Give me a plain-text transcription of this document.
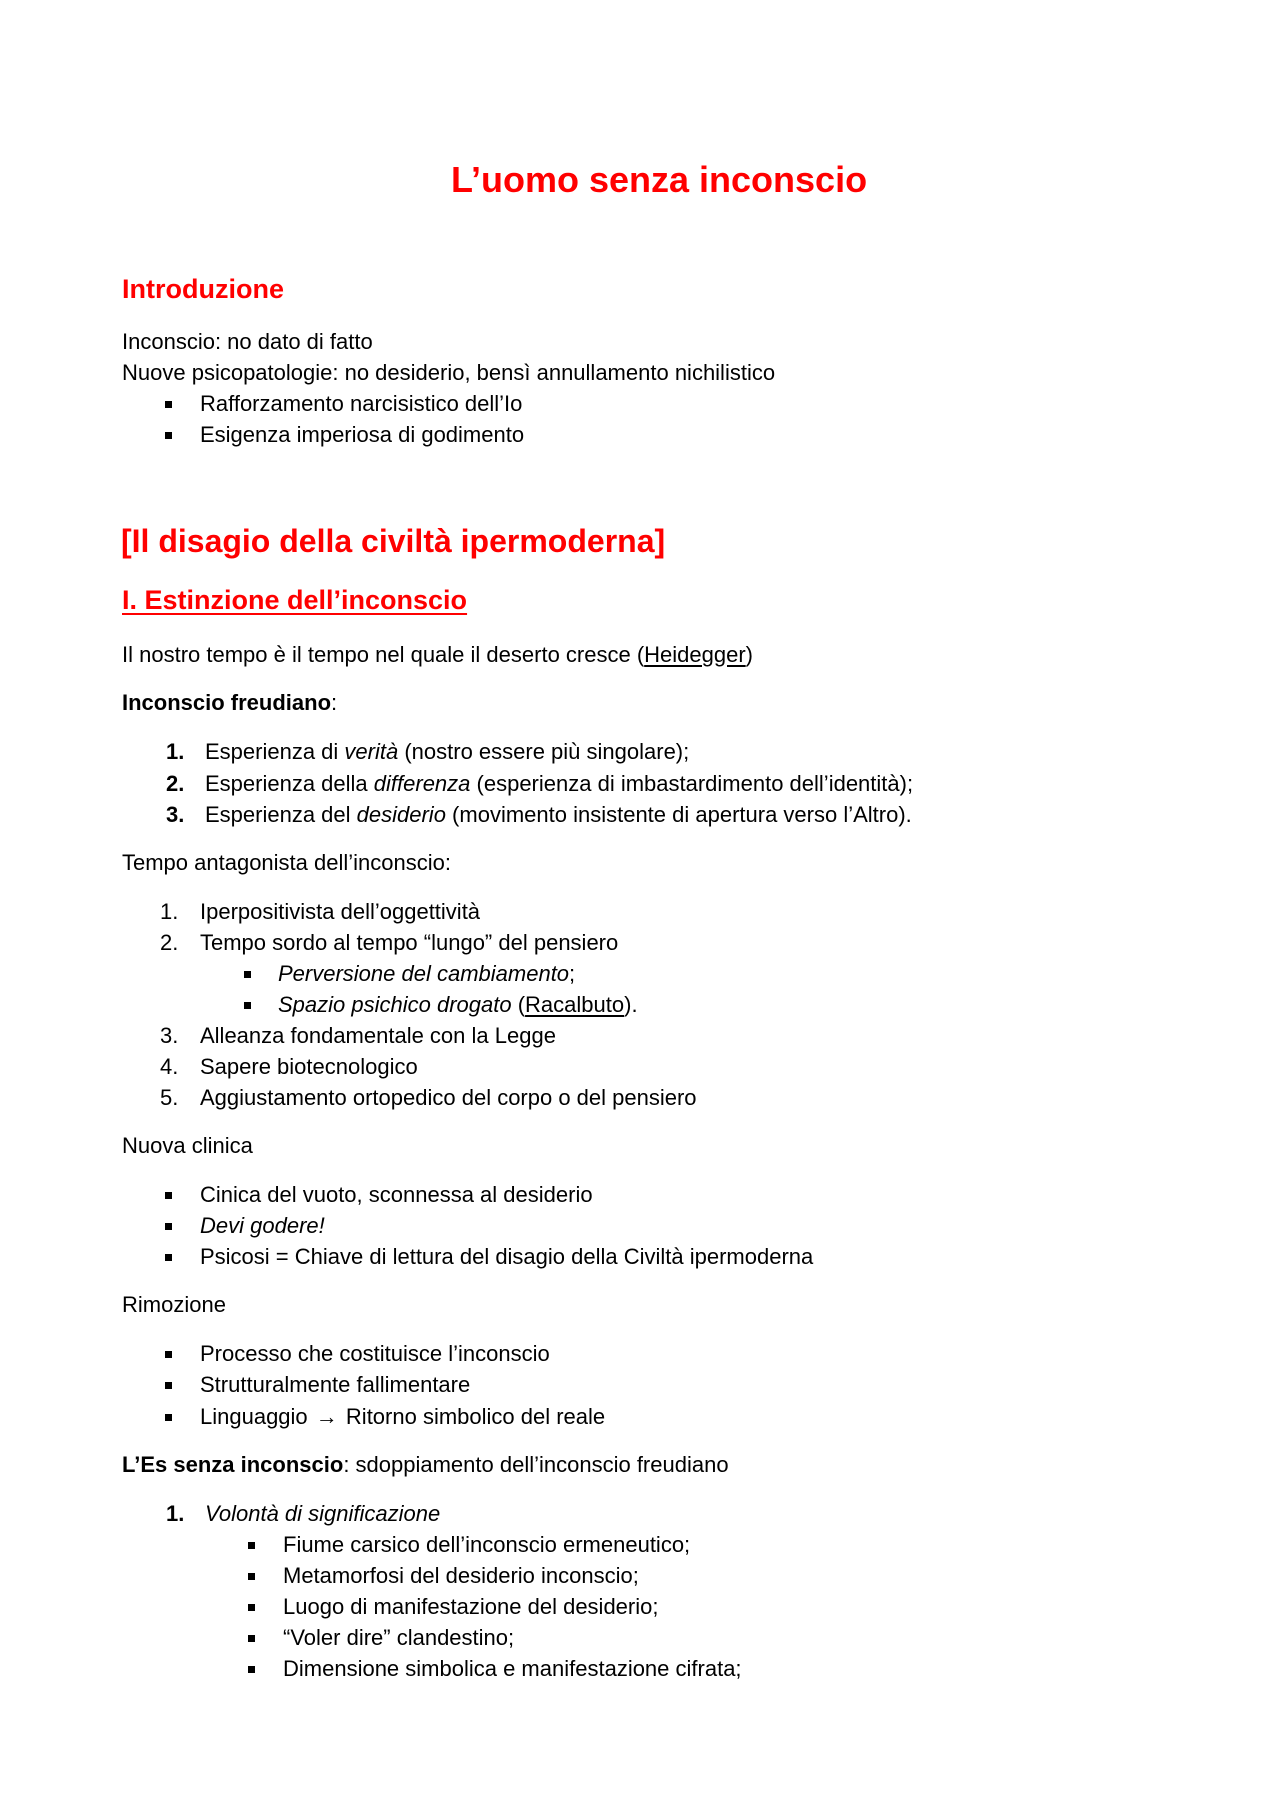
L’uomo senza inconscio
Introduzione
Inconscio: no dato di fatto
Nuove psicopatologie: no desiderio, bensì annullamento nichilistico
Rafforzamento narcisistico dell’Io
Esigenza imperiosa di godimento
[Il disagio della civiltà ipermoderna]
I. Estinzione dell’inconscio
Il nostro tempo è il tempo nel quale il deserto cresce (Heidegger)
Inconscio freudiano:
1. Esperienza di verità (nostro essere più singolare);
2. Esperienza della differenza (esperienza di imbastardimento dell’identità);
3. Esperienza del desiderio (movimento insistente di apertura verso l’Altro).
Tempo antagonista dell’inconscio:
1. Iperpositivista dell’oggettività
2. Tempo sordo al tempo “lungo” del pensiero
Perversione del cambiamento;
Spazio psichico drogato (Racalbuto).
3. Alleanza fondamentale con la Legge
4. Sapere biotecnologico
5. Aggiustamento ortopedico del corpo o del pensiero
Nuova clinica
Cinica del vuoto, sconnessa al desiderio
Devi godere!
Psicosi = Chiave di lettura del disagio della Civiltà ipermoderna
Rimozione
Processo che costituisce l’inconscio
Strutturalmente fallimentare
Linguaggio → Ritorno simbolico del reale
L’Es senza inconscio: sdoppiamento dell’inconscio freudiano
1. Volontà di significazione
Fiume carsico dell’inconscio ermeneutico;
Metamorfosi del desiderio inconscio;
Luogo di manifestazione del desiderio;
“Voler dire” clandestino;
Dimensione simbolica e manifestazione cifrata;
